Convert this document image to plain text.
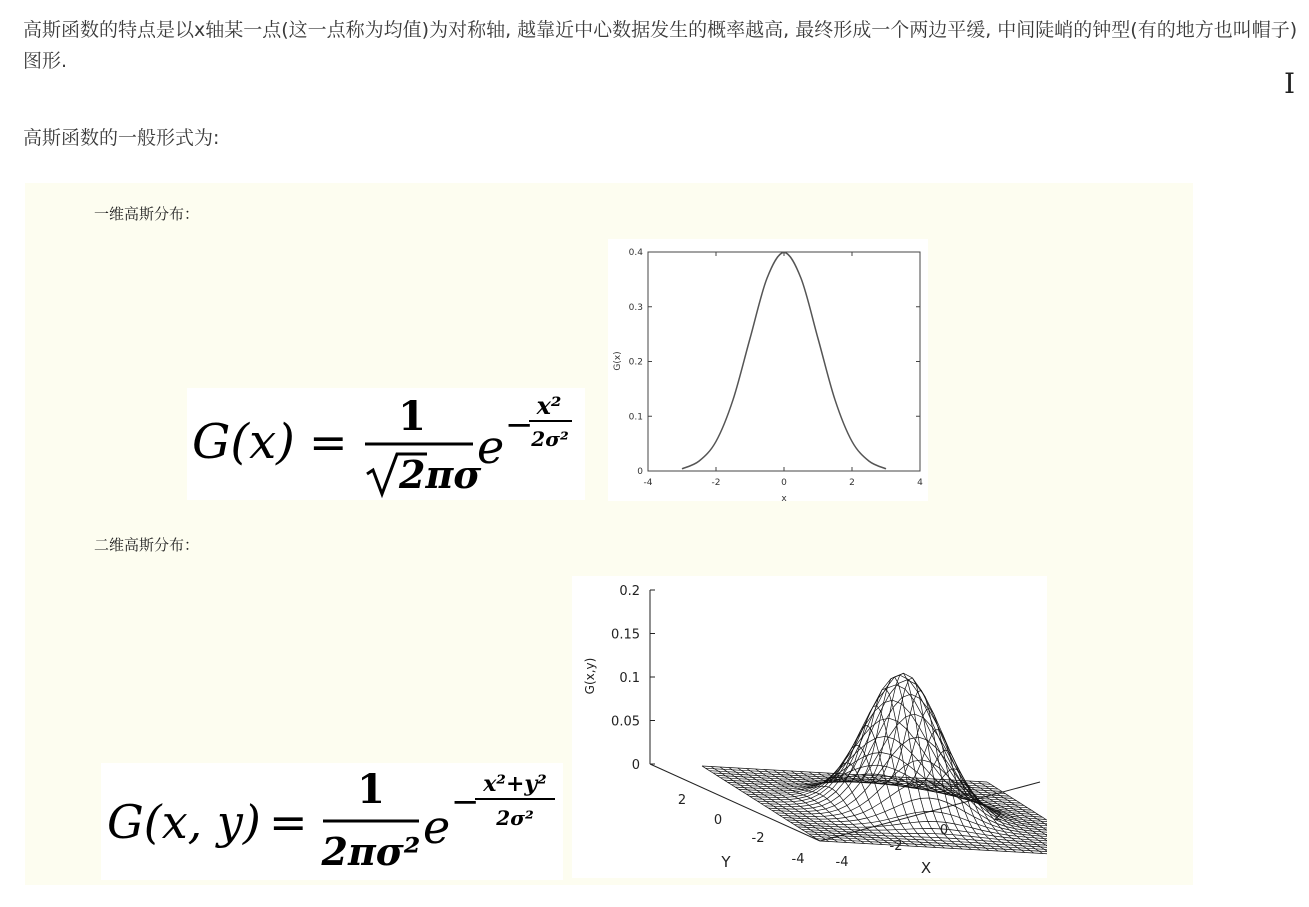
高斯函数的特点是以x轴某一点(这一点称为均值)为对称轴, 越靠近中心数据发生的概率越高, 最终形成一个两边平缓, 中间陡峭的钟型(有的地方也叫帽子)图形.

高斯函数的一般形式为:

I
一维高斯分布：
二维高斯分布：
G(x) = 1
2πσ
e − x²
2σ²
G(x, y) =
1
2πσ² e − x²+y²
2σ²
-4	-2	0	2	4
0
0.1
0.2
0.3
0.4
x
G(x)
0
0.05
0.1
0.15
0.2
-4
-2
0
2
-4
-2
0
2
G(x,y)
X
Y
